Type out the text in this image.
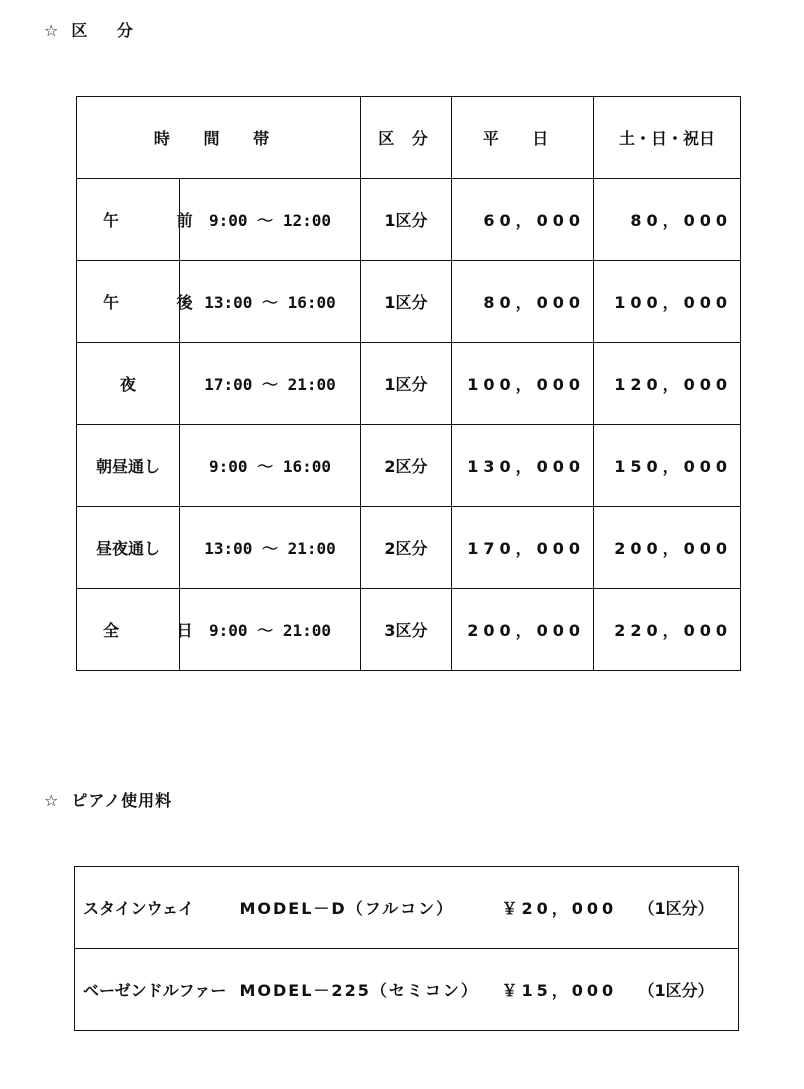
☆ 区 分
時 間 帯		区 分	平 日	土・日・祝日
午 前	9:00 ～ 12:00	1区分	60，000	80，000
午 後	13:00 ～ 16:00	1区分	80，000	100，000
夜	17:00 ～ 21:00	1区分	100，000	120，000
朝昼通し	9:00 ～ 16:00	2区分	130，000	150，000
昼夜通し	13:00 ～ 21:00	2区分	170，000	200，000
全 日	9:00 ～ 21:00	3区分	200，000	220，000
☆ ピアノ使用料
スタインウェイ	MODEL－D（フルコン）	￥20，000	（1区分）
ベーゼンドルファー	MODEL－225（セミコン）	￥15，000	（1区分）
